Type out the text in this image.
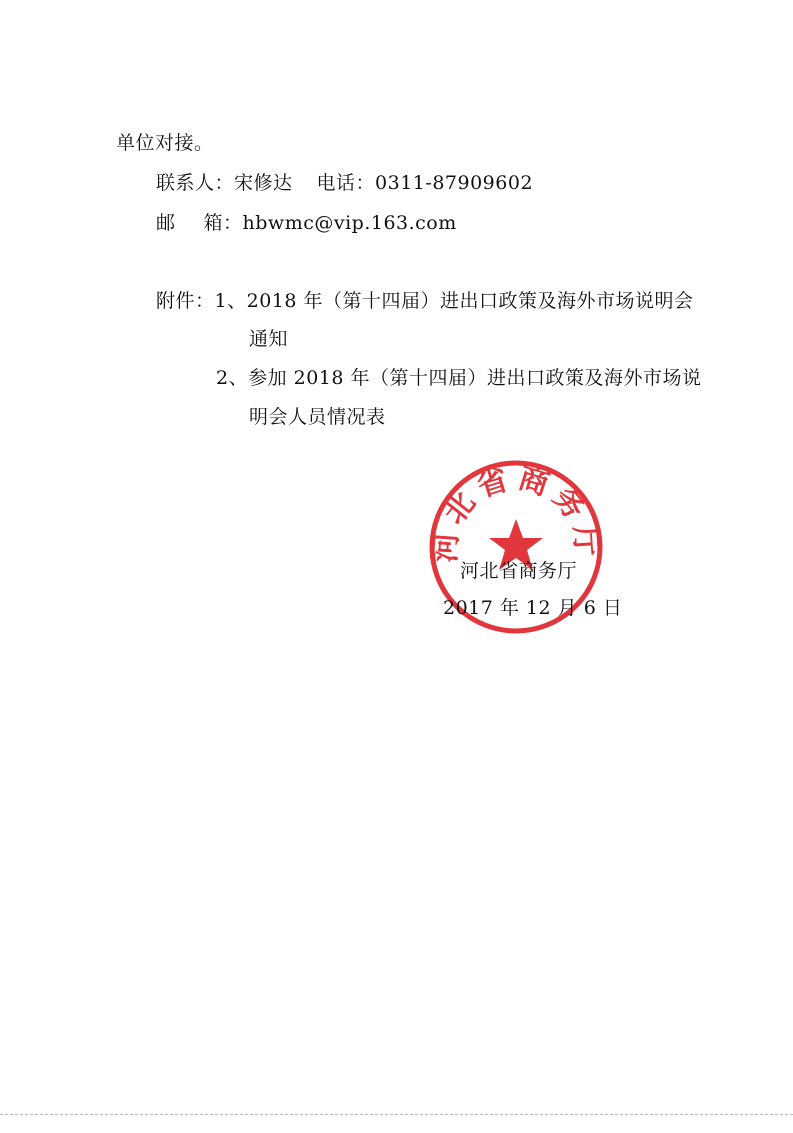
单位对接。
联系人：宋修达 电话：0311-87909602
邮 箱：hbwmc@vip.163.com
附件：1、2018 年（第十四届）进出口政策及海外市场说明会
通知
2、参加 2018 年（第十四届）进出口政策及海外市场说
明会人员情况表
河北省商务厅
河北省商务厅
2017 年 12 月 6 日
